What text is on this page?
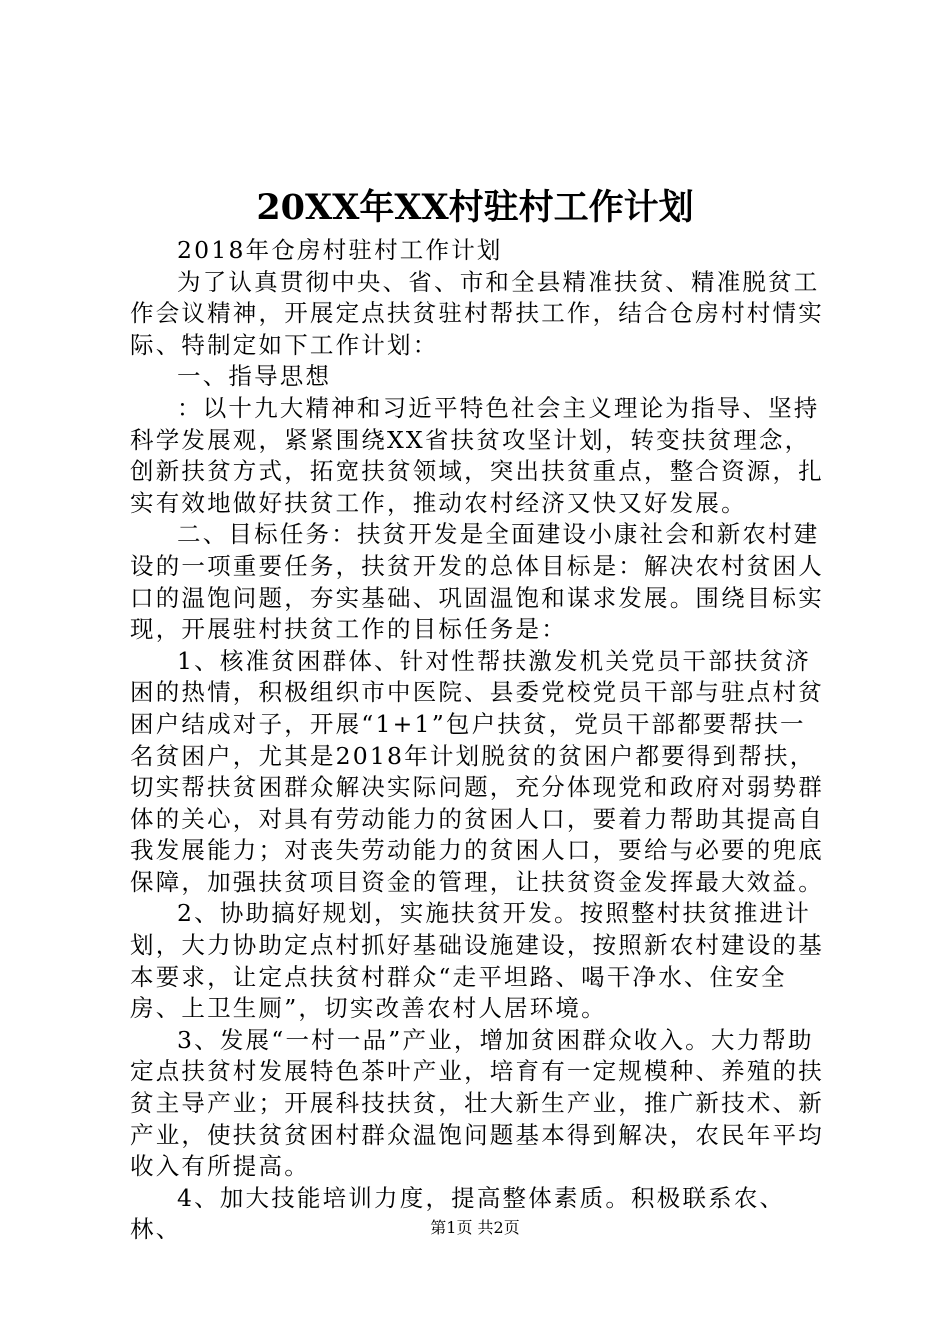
20XX年XX村驻村工作计划

2018年仓房村驻村工作计划

为了认真贯彻中央、省、市和全县精准扶贫、精准脱贫工作会议精神，开展定点扶贫驻村帮扶工作，结合仓房村村情实际、特制定如下工作计划：

一、指导思想

：以十九大精神和习近平特色社会主义理论为指导、坚持科学发展观，紧紧围绕XX省扶贫攻坚计划，转变扶贫理念，创新扶贫方式，拓宽扶贫领域，突出扶贫重点，整合资源，扎实有效地做好扶贫工作，推动农村经济又快又好发展。

二、目标任务：扶贫开发是全面建设小康社会和新农村建设的一项重要任务，扶贫开发的总体目标是：解决农村贫困人口的温饱问题，夯实基础、巩固温饱和谋求发展。围绕目标实现，开展驻村扶贫工作的目标任务是：

1、核准贫困群体、针对性帮扶激发机关党员干部扶贫济困的热情，积极组织市中医院、县委党校党员干部与驻点村贫困户结成对子，开展“1+1”包户扶贫，党员干部都要帮扶一名贫困户，尤其是2018年计划脱贫的贫困户都要得到帮扶，切实帮扶贫困群众解决实际问题，充分体现党和政府对弱势群体的关心，对具有劳动能力的贫困人口，要着力帮助其提高自我发展能力；对丧失劳动能力的贫困人口，要给与必要的兜底保障，加强扶贫项目资金的管理，让扶贫资金发挥最大效益。

2、协助搞好规划，实施扶贫开发。按照整村扶贫推进计划，大力协助定点村抓好基础设施建设，按照新农村建设的基本要求，让定点扶贫村群众“走平坦路、喝干净水、住安全房、上卫生厕”，切实改善农村人居环境。

3、发展“一村一品”产业，增加贫困群众收入。大力帮助定点扶贫村发展特色茶叶产业，培育有一定规模种、养殖的扶贫主导产业；开展科技扶贫，壮大新生产业，推广新技术、新产业，使扶贫贫困村群众温饱问题基本得到解决，农民年平均收入有所提高。

4、加大技能培训力度，提高整体素质。积极联系农、林、	第1页 共2页
